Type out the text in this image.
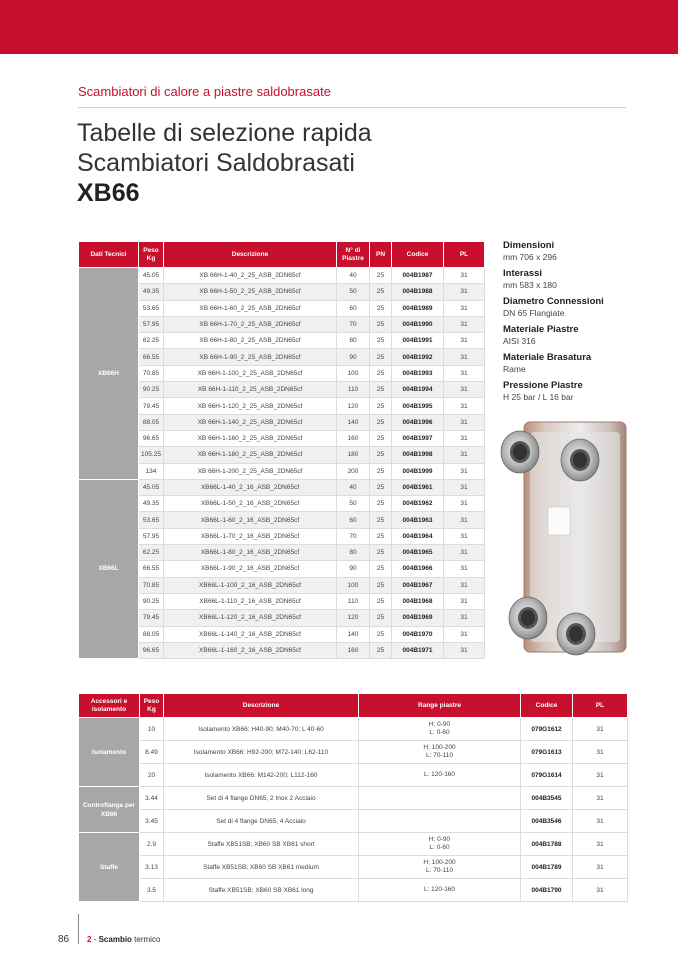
Scambiatori di calore a piastre saldobrasate
Tabelle di selezione rapida
Scambiatori Saldobrasati
XB66
Dati Tecnici	Peso Kg	Descrizione	N° di Piastre	PN	Codice	PL
XB66H	45.05	XB 66H-1-40_2_25_ASB_2DN65cf	40	25	004B1987	31
	49.35	XB 66H-1-50_2_25_ASB_2DN65cf	50	25	004B1988	31
	53.65	XB 66H-1-60_2_25_ASB_2DN65cf	60	25	004B1989	31
	57.95	XB 66H-1-70_2_25_ASB_2DN65cf	70	25	004B1990	31
	62.25	XB 66H-1-80_2_25_ASB_2DN65cf	80	25	004B1991	31
	66.55	XB 66H-1-90_2_25_ASB_2DN65cf	90	25	004B1992	31
	70.85	XB 66H-1-100_2_25_ASB_2DN65cf	100	25	004B1993	31
	90.25	XB 66H-1-110_2_25_ASB_2DN65cf	110	25	004B1994	31
	79.45	XB 66H-1-120_2_25_ASB_2DN65cf	120	25	004B1995	31
	88.05	XB 66H-1-140_2_25_ASB_2DN65cf	140	25	004B1996	31
	96.65	XB 66H-1-160_2_25_ASB_2DN65cf	160	25	004B1997	31
	105.25	XB 66H-1-180_2_25_ASB_2DN65cf	180	25	004B1998	31
	134	XB 66H-1-200_2_25_ASB_2DN65cf	200	25	004B1999	31
XB66L	45.05	XB66L-1-40_2_16_ASB_2DN65cf	40	25	004B1961	31
	49.35	XB66L-1-50_2_16_ASB_2DN65cf	50	25	004B1962	31
	53.65	XB66L-1-60_2_16_ASB_2DN65cf	60	25	004B1963	31
	57.95	XB66L-1-70_2_16_ASB_2DN65cf	70	25	004B1964	31
	62.25	XB66L-1-80_2_16_ASB_2DN65cf	80	25	004B1965	31
	66.55	XB66L-1-90_2_16_ASB_2DN65cf	90	25	004B1966	31
	70.85	XB66L-1-100_2_16_ASB_2DN65cf	100	25	004B1967	31
	90.25	XB66L-1-110_2_16_ASB_2DN65cf	110	25	004B1968	31
	79.45	XB66L-1-120_2_16_ASB_2DN65cf	120	25	004B1969	31
	88.05	XB66L-1-140_2_16_ASB_2DN65cf	140	25	004B1970	31
	96.65	XB66L-1-160_2_16_ASB_2DN65cf	160	25	004B1971	31
Dimensioni
mm 706 x 296
Interassi
mm 583 x 180
Diametro Connessioni
DN 65 Flangiate
Materiale Piastre
AISI 316
Materiale Brasatura
Rame
Pressione Piastre
H 25 bar / L 16 bar
Accessori e isolamento	Peso Kg	Descrizione	Range piastre	Codice	PL
Isolamento	10	Isolamento XB66: H40-90; M40-70; L 40-60	H; 0-90
L: 0-60	079G1612	31
	8.49	Isolamento XB66: H92-200; M72-140; L62-110	H; 100-200
L: 70-110	079G1613	31
	20	Isolamento XB66: M142-200; L112-160	L: 120-160	079G1614	31
Controflange per XB66	3.44	Set di 4 flange DN65, 2 Inox 2 Acciaio		004B3545	31
	3.45	Set di 4 flange DN65, 4 Acciaio		004B3546	31
Staffe	2.9	Staffe XB51SB; XB60 SB XB61 short	H; 0-90
L: 0-60	004B1788	31
	3.13	Staffe XB51SB; XB60 SB XB61 medium	H; 100-200
L: 70-110	004B1789	31
	3.5	Staffe XB51SB; XB60 SB XB61 long	L: 120-160	004B1790	31
86 2 - Scambio termico
